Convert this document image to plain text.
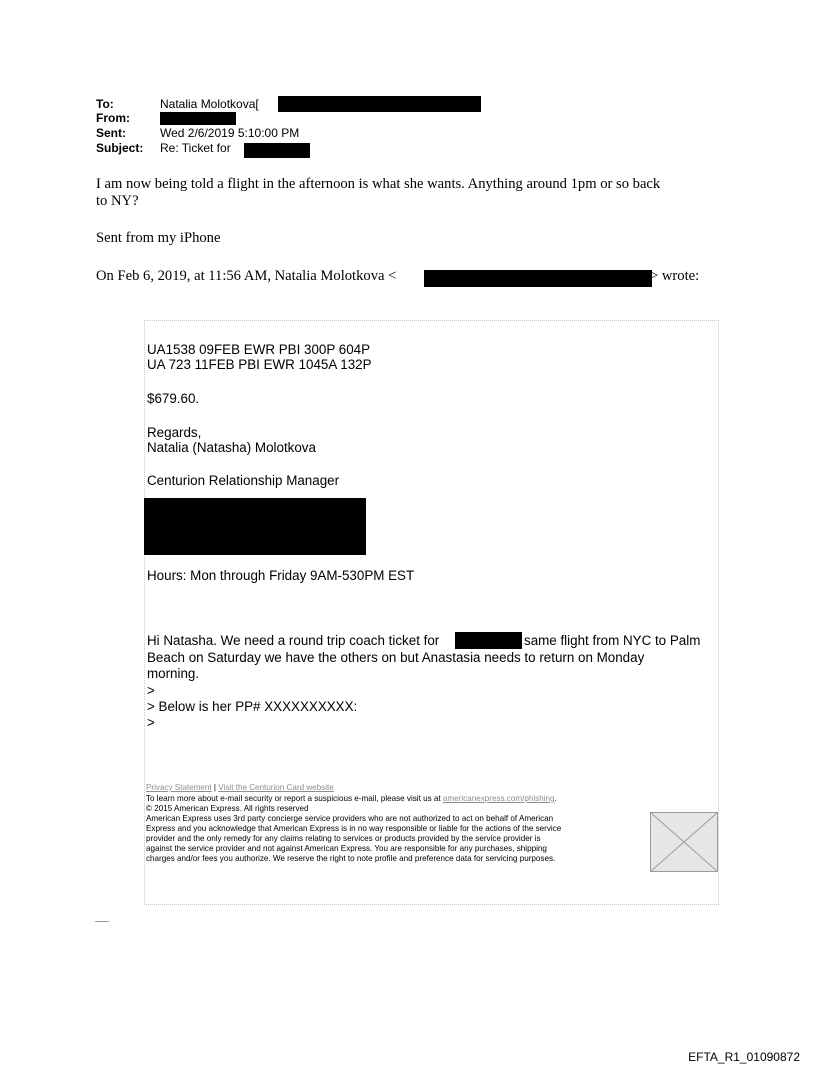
To:	Natalia Molotkova[
From:
Sent:	Wed 2/6/2019 5:10:00 PM
Subject: Re: Ticket for
I am now being told a flight in the afternoon is what she wants. Anything around 1pm or so back
to NY?
Sent from my iPhone
On Feb 6, 2019, at 11:56 AM, Natalia Molotkova <	> wrote:
UA1538 09FEB EWR PBI 300P 604P
UA 723 11FEB PBI EWR 1045A 132P
$679.60.
Regards,
Natalia (Natasha) Molotkova
Centurion Relationship Manager
Hours: Mon through Friday 9AM-530PM EST
Hi Natasha. We need a round trip coach ticket for	same flight from NYC to Palm
Beach on Saturday we have the others on but Anastasia needs to return on Monday
morning.
>
> Below is her PP# XXXXXXXXXX:
>
Privacy Statement | Visit the Centurion Card website
To learn more about e-mail security or report a suspicious e-mail, please visit us at americanexpress.com/phishing.
© 2015 American Express. All rights reserved
American Express uses 3rd party concierge service providers who are not authorized to act on behalf of American
Express and you acknowledge that American Express is in no way responsible or liable for the actions of the service
provider and the only remedy for any claims relating to services or products provided by the service provider is
against the service provider and not against American Express. You are responsible for any purchases, shipping
charges and/or fees you authorize. We reserve the right to note profile and preference data for servicing purposes.
EFTA_R1_01090872
